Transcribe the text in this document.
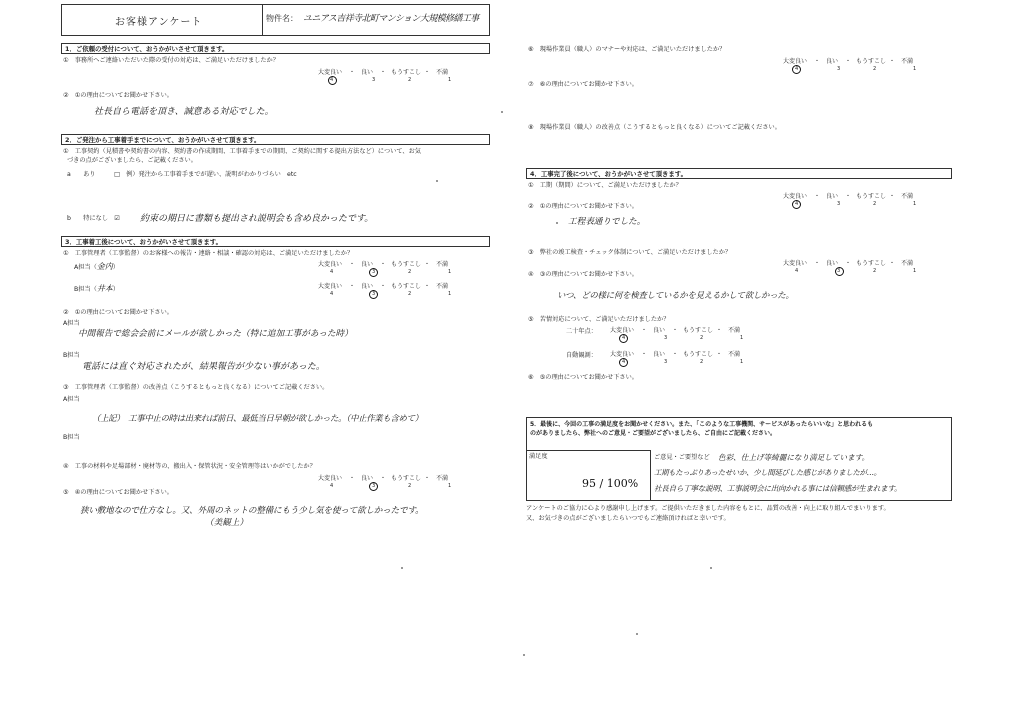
お客様アンケート	物件名： ユニアス吉祥寺北町マンション大規模修繕工事
1．ご依頼の受付について、おうかがいさせて頂きます。
①　事務所へご連絡いただいた際の受付の対応は、ご満足いただけましたか？
大変良い ・ 良い ・ もうすこし ・ 不満
4	3	2	1
②　①の理由についてお聞かせ下さい。
社長自ら電話を頂き、誠意ある対応でした。
2．ご発注から工事着手までについて、おうかがいさせて頂きます。
①　工事契約（見積書や契約書の内容、契約書の作成期間、工事着手までの期間、ご契約に関する提出方法など）について、お気
づきの点がございましたら、ご記載ください。
a　　あり　　　□　例）発注から工事着手までが遅い、説明がわかりづらい　etc
b　　特になし　☑ 約束の期日に書類も提出され説明会も含め良かったです。
3．工事着工後について、おうかがいさせて頂きます。
①　工事管理者（工事監督）のお客様への報告・連絡・相談・確認の対応は、ご満足いただけましたか？
A担当（金内）	大変良い ・ 良い ・ もうすこし ・ 不満
4	3	2	1
B担当（井本）	大変良い ・ 良い ・ もうすこし ・ 不満
4	3	2	1
②　①の理由についてお聞かせ下さい。
A担当
中間報告で総会会前にメールが欲しかった（特に追加工事があった時）
B担当
電話には直ぐ対応されたが、結果報告が少ない事があった。
③　工事管理者（工事監督）の改善点（こうするともっと良くなる）についてご記載ください。
A担当
（上記）　工事中止の時は出来れば前日、最低当日早朝が欲しかった。（中止作業も含めて）
B担当
④　工事の材料や足場部材・廃材等の、搬出入・保管状況・安全管理等はいかがでしたか？
大変良い ・ 良い ・ もうすこし ・ 不満
4	3	2	1
⑤　④の理由についてお聞かせ下さい。
狭い敷地なので仕方なし。又、外周のネットの整備にもう少し気を使って欲しかったです。
（美観上）
⑥　現場作業員（職人）のマナーや対応は、ご満足いただけましたか？
大変良い ・ 良い ・ もうすこし ・ 不満
4	3	2	1
⑦　⑥の理由についてお聞かせ下さい。
⑧　現場作業員（職人）の改善点（こうするともっと良くなる）についてご記載ください。
4．工事完了後について、おうかがいさせて頂きます。
①　工期（期間）について、ご満足いただけましたか？
大変良い ・ 良い ・ もうすこし ・ 不満
4	3	2	1
②　①の理由についてお聞かせ下さい。
工程表通りでした。
③　弊社の竣工検査・チェック体制について、ご満足いただけましたか？
大変良い ・ 良い ・ もうすこし ・ 不満
4	3	2	1
④　③の理由についてお聞かせ下さい。
いつ、どの様に何を検査しているかを見えるかして欲しかった。
⑤　苦情対応について、ご満足いただけましたか？
二十年点： 大変良い ・ 良い ・ もうすこし ・ 不満
4	3	2	1
自動観測： 大変良い ・ 良い ・ もうすこし ・ 不満
4	3	2	1
⑥　⑤の理由についてお聞かせ下さい。
5．最後に、今回の工事の満足度をお聞かせください。また、「このような工事機関、サービスがあったらいいな」と思われるも
のがありましたら、弊社へのご意見・ご要望がございましたら、ご自由にご記載ください。
満足度
95 / 100%
ご意見・ご要望など 色彩、仕上げ等綺麗になり満足しています。
工期もたっぷりあったせいか、少し間延びした感じがありましたが…。
社長自ら丁寧な説明、工事説明会に出向かれる事には信頼感が生まれます。
アンケートのご協力に心より感謝申し上げます。ご提供いただきました内容をもとに、品質の改善・向上に取り組んでまいります。
又、お気づきの点がございましたらいつでもご連絡頂ければと幸いです。
